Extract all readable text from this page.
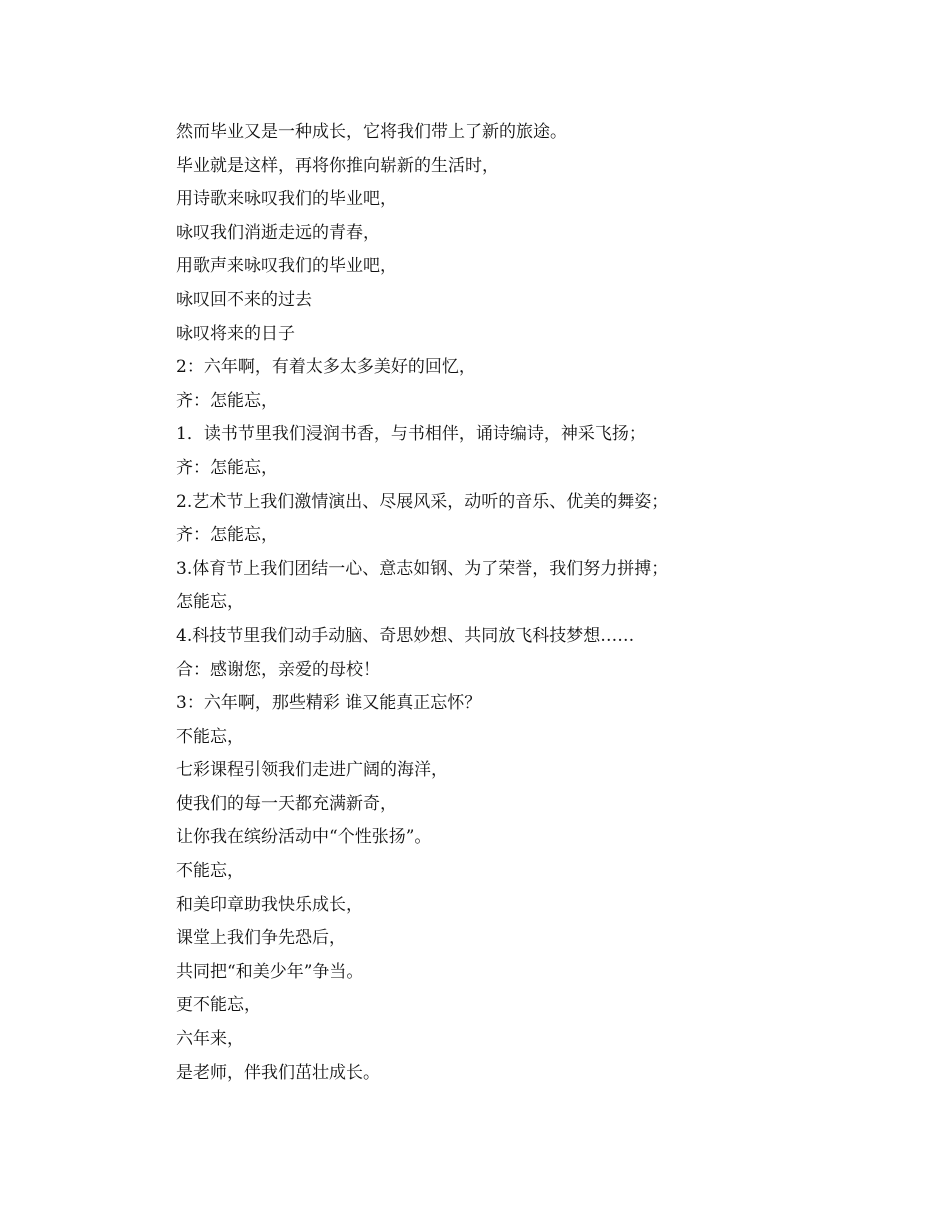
然而毕业又是一种成长，它将我们带上了新的旅途。

毕业就是这样，再将你推向崭新的生活时，

用诗歌来咏叹我们的毕业吧，

咏叹我们消逝走远的青春，

用歌声来咏叹我们的毕业吧，

咏叹回不来的过去

咏叹将来的日子

2：六年啊，有着太多太多美好的回忆，

齐：怎能忘，

1．读书节里我们浸润书香，与书相伴，诵诗编诗，神采飞扬；

齐：怎能忘，

2.艺术节上我们激情演出、尽展风采，动听的音乐、优美的舞姿；

齐：怎能忘，

3.体育节上我们团结一心、意志如钢、为了荣誉，我们努力拼搏；

怎能忘，

4.科技节里我们动手动脑、奇思妙想、共同放飞科技梦想……

合：感谢您，亲爱的母校！

3：六年啊，那些精彩 谁又能真正忘怀？

不能忘，

七彩课程引领我们走进广阔的海洋，

使我们的每一天都充满新奇，

让你我在缤纷活动中“个性张扬”。

不能忘，

和美印章助我快乐成长，

课堂上我们争先恐后，

共同把“和美少年”争当。

更不能忘，

六年来，

是老师，伴我们茁壮成长。
